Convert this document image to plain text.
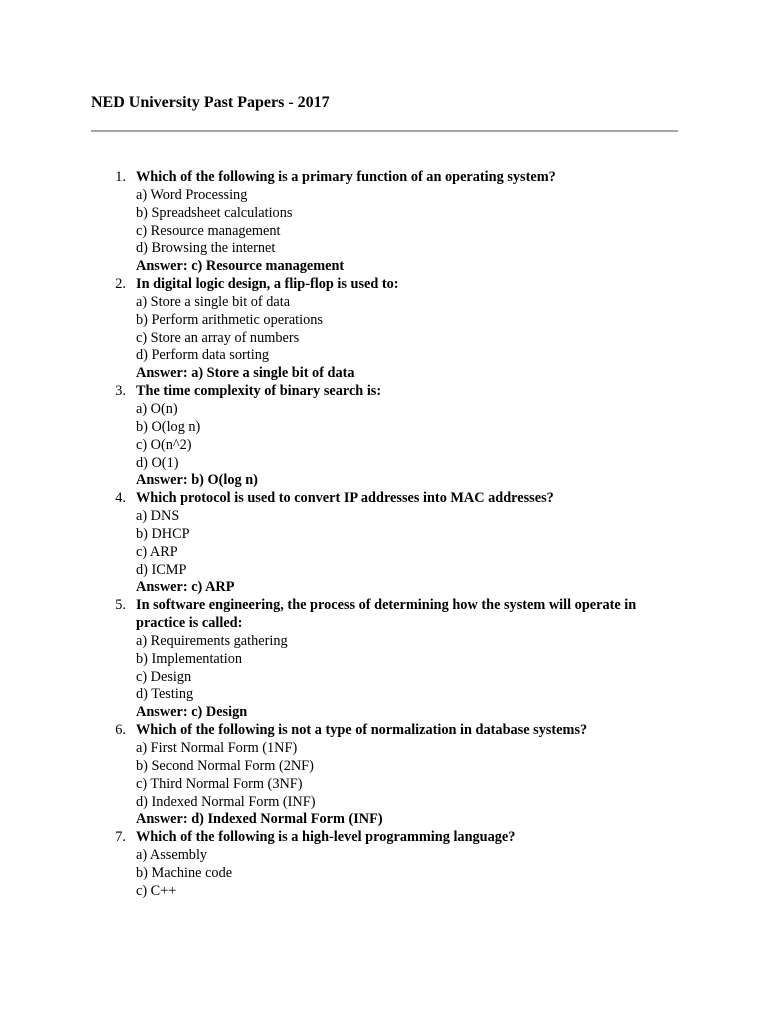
NED University Past Papers - 2017
1. Which of the following is a primary function of an operating system?
a) Word Processing
b) Spreadsheet calculations
c) Resource management
d) Browsing the internet
Answer: c) Resource management
2. In digital logic design, a flip-flop is used to:
a) Store a single bit of data
b) Perform arithmetic operations
c) Store an array of numbers
d) Perform data sorting
Answer: a) Store a single bit of data
3. The time complexity of binary search is:
a) O(n)
b) O(log n)
c) O(n^2)
d) O(1)
Answer: b) O(log n)
4. Which protocol is used to convert IP addresses into MAC addresses?
a) DNS
b) DHCP
c) ARP
d) ICMP
Answer: c) ARP
5. In software engineering, the process of determining how the system will operate in practice is called:
a) Requirements gathering
b) Implementation
c) Design
d) Testing
Answer: c) Design
6. Which of the following is not a type of normalization in database systems?
a) First Normal Form (1NF)
b) Second Normal Form (2NF)
c) Third Normal Form (3NF)
d) Indexed Normal Form (INF)
Answer: d) Indexed Normal Form (INF)
7. Which of the following is a high-level programming language?
a) Assembly
b) Machine code
c) C++
